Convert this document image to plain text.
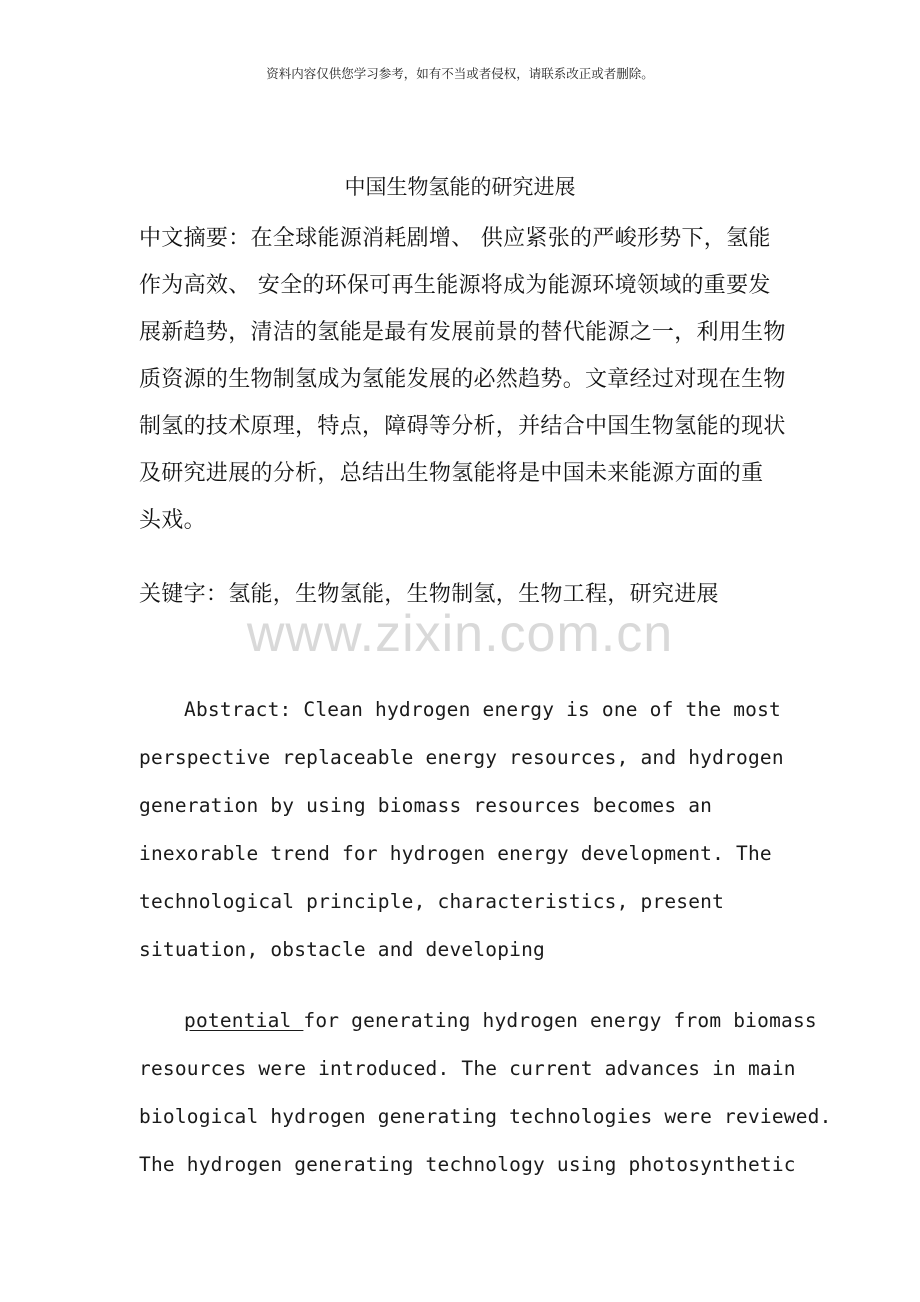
资料内容仅供您学习参考，如有不当或者侵权，请联系改正或者删除。
中国生物氢能的研究进展
中文摘要：在全球能源消耗剧增、 供应紧张的严峻形势下，氢能
作为高效、 安全的环保可再生能源将成为能源环境领域的重要发
展新趋势，清洁的氢能是最有发展前景的替代能源之一，利用生物
质资源的生物制氢成为氢能发展的必然趋势。文章经过对现在生物
制氢的技术原理，特点，障碍等分析，并结合中国生物氢能的现状
及研究进展的分析，总结出生物氢能将是中国未来能源方面的重
头戏。
关键字：氢能，生物氢能，生物制氢，生物工程，研究进展
www.zixin.com.cn
Abstract: Clean hydrogen energy is one of the most
perspective replaceable energy resources, and hydrogen
generation by using biomass resources becomes an
inexorable trend for hydrogen energy development. The
technological principle, characteristics, present
situation, obstacle and developing
potential for generating hydrogen energy from biomass
resources were introduced. The current advances in main
biological hydrogen generating technologies were reviewed.
The hydrogen generating technology using photosynthetic
